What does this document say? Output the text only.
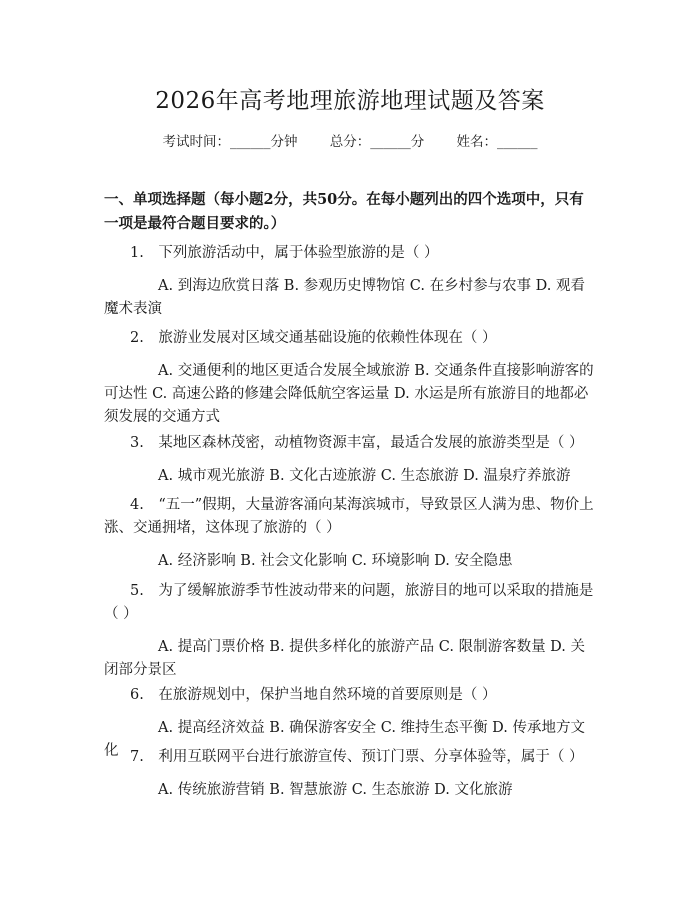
2026年高考地理旅游地理试题及答案
考试时间：______分钟 总分：______分 姓名：______
一、单项选择题（每小题2分，共50分。在每小题列出的四个选项中，只有一项是最符合题目要求的。）
1.　下列旅游活动中，属于体验型旅游的是（ ）
A. 到海边欣赏日落 B. 参观历史博物馆 C. 在乡村参与农事 D. 观看魔术表演
2.　旅游业发展对区域交通基础设施的依赖性体现在（ ）
A. 交通便利的地区更适合发展全域旅游 B. 交通条件直接影响游客的可达性 C. 高速公路的修建会降低航空客运量 D. 水运是所有旅游目的地都必须发展的交通方式
3.　某地区森林茂密，动植物资源丰富，最适合发展的旅游类型是（ ）
A. 城市观光旅游 B. 文化古迹旅游 C. 生态旅游 D. 温泉疗养旅游
4.　“五一”假期，大量游客涌向某海滨城市，导致景区人满为患、物价上涨、交通拥堵，这体现了旅游的（ ）
A. 经济影响 B. 社会文化影响 C. 环境影响 D. 安全隐患
5.　为了缓解旅游季节性波动带来的问题，旅游目的地可以采取的措施是（ ）
A. 提高门票价格 B. 提供多样化的旅游产品 C. 限制游客数量 D. 关闭部分景区
6.　在旅游规划中，保护当地自然环境的首要原则是（ ）
A. 提高经济效益 B. 确保游客安全 C. 维持生态平衡 D. 传承地方文化 7.　利用互联网平台进行旅游宣传、预订门票、分享体验等，属于（ ）
A. 传统旅游营销 B. 智慧旅游 C. 生态旅游 D. 文化旅游
